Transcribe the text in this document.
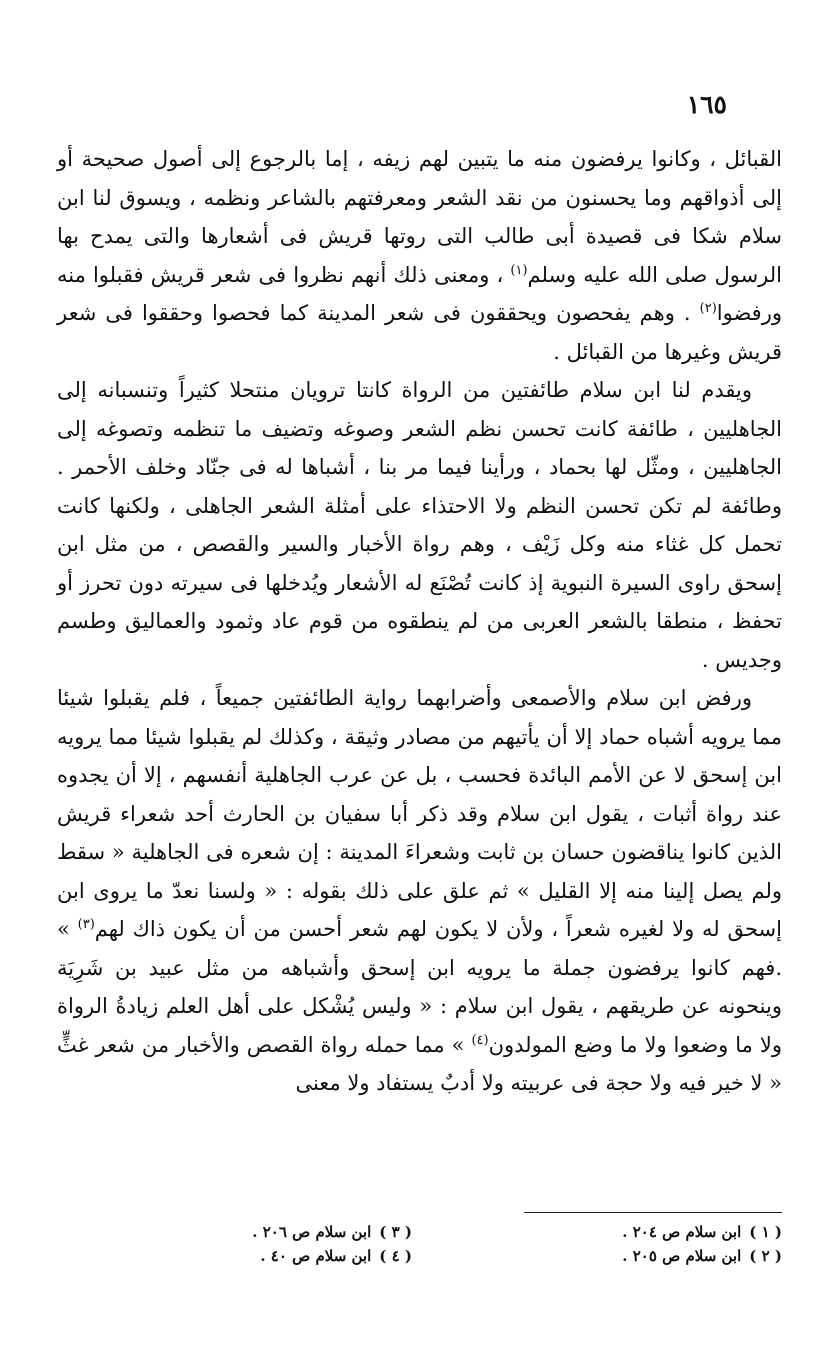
١٦٥

القبائل ، وكانوا يرفضون منه ما يتبين لهم زيفه ، إما بالرجوع إلى أصول صحيحة أو إلى أذواقهم وما يحسنون من نقد الشعر ومعرفتهم بالشاعر ونظمه ، ويسوق لنا ابن سلام شكا فى قصيدة أبى طالب التى روتها قريش فى أشعارها والتى يمدح بها الرسول صلى الله عليه وسلم$^{(١)}$ ، ومعنى ذلك أنهم نظروا فى شعر قريش فقبلوا منه ورفضوا$^{(٢)}$ . وهم يفحصون ويحققون فى شعر المدينة كما فحصوا وحققوا فى شعر قريش وغيرها من القبائل .

ويقدم لنا ابن سلام طائفتين من الرواة كانتا ترويان منتحلا كثيراً وتنسبانه إلى الجاهليين ، طائفة كانت تحسن نظم الشعر وصوغه وتضيف ما تنظمه وتصوغه إلى الجاهليين ، ومثّل لها بحماد ، ورأينا فيما مر بنا ، أشباها له فى جنّاد وخلف الأحمر . وطائفة لم تكن تحسن النظم ولا الاحتذاء على أمثلة الشعر الجاهلى ، ولكنها كانت تحمل كل غثاء منه وكل زَيْف ، وهم رواة الأخبار والسير والقصص ، من مثل ابن إسحق راوى السيرة النبوية إذ كانت تُصْنَع له الأشعار ويُدخلها فى سيرته دون تحرز أو تحفظ ، منطقا بالشعر العربى من لم ينطقوه من قوم عاد وثمود والعماليق وطسم وجديس .

ورفض ابن سلام والأصمعى وأضرابهما رواية الطائفتين جميعاً ، فلم يقبلوا شيئا مما يرويه أشباه حماد إلا أن يأتيهم من مصادر وثيقة ، وكذلك لم يقبلوا شيئا مما يرويه ابن إسحق لا عن الأمم البائدة فحسب ، بل عن عرب الجاهلية أنفسهم ، إلا أن يجدوه عند رواة أثبات ، يقول ابن سلام وقد ذكر أبا سفيان بن الحارث أحد شعراء قريش الذين كانوا يناقضون حسان بن ثابت وشعراءَ المدينة : إن شعره فى الجاهلية « سقط ولم يصل إلينا منه إلا القليل » ثم علق على ذلك بقوله : « ولسنا نعدّ ما يروى ابن إسحق له ولا لغيره شعراً ، ولأن لا يكون لهم شعر أحسن من أن يكون ذاك لهم$^{(٣)}$ » .فهم كانوا يرفضون جملة ما يرويه ابن إسحق وأشباهه من مثل عبيد بن شَرِيَة وينحونه عن طريقهم ، يقول ابن سلام : « وليس يُشْكل على أهل العلم زيادةُ الرواة ولا ما وضعوا ولا ما وضع المولدون$^{(٤)}$ » مما حمله رواة القصص والأخبار من شعر غثٍّ « لا خير فيه ولا حجة فى عربيته ولا أدبٌ يستفاد ولا معنى

( ١ )ابن سلام ص ٢٠٤ .
( ٢ )ابن سلام ص ٢٠٥ .
( ٣ )ابن سلام ص ٢٠٦ .
( ٤ )ابن سلام ص ٤٠ .
